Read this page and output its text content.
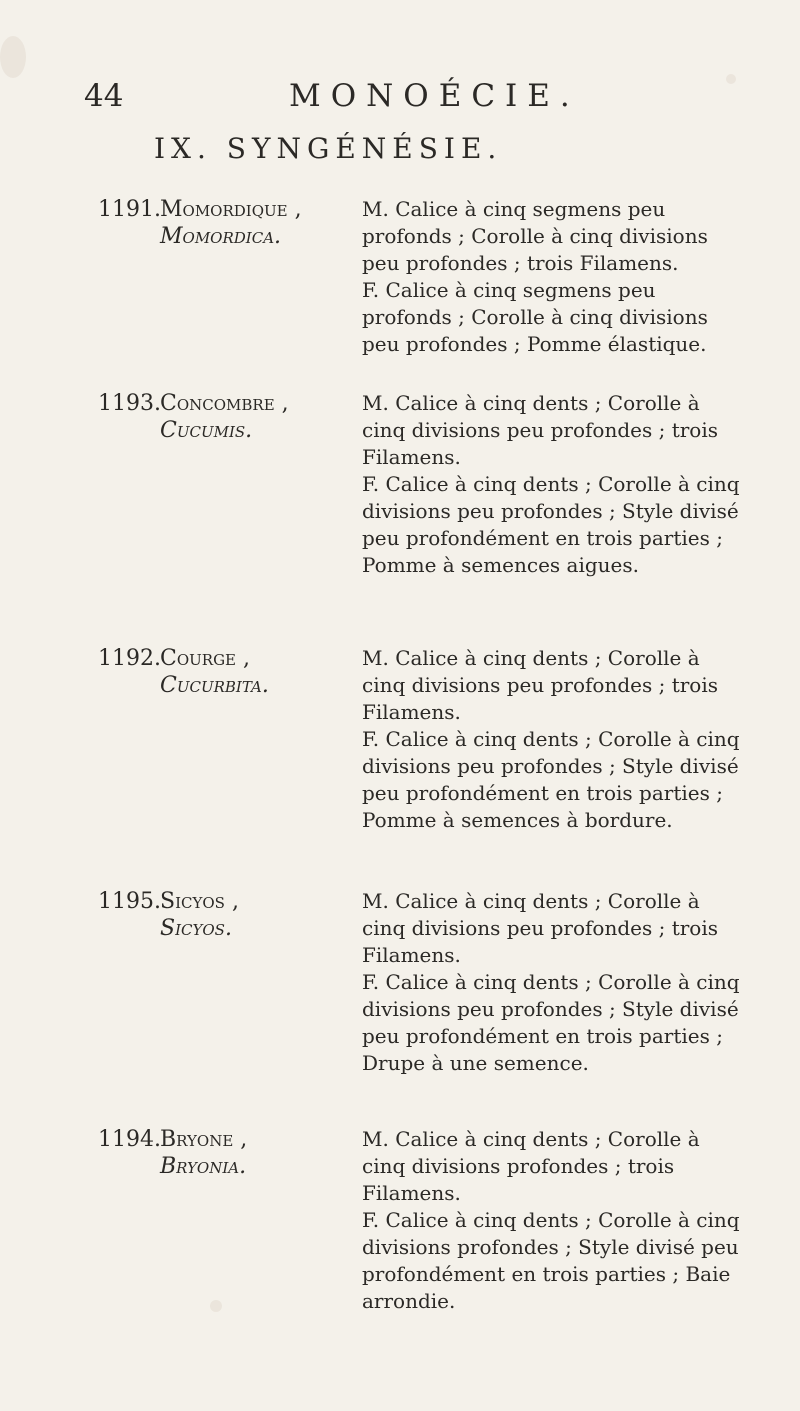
44	MONOÉCIE.
IX. SYNGÉNÉSIE.
1191.Momordique ,
Momordica.

M. Calice à cinq segmens peu profonds ; Corolle à cinq divisions peu profondes ; trois Filamens.

F. Calice à cinq segmens peu profonds ; Corolle à cinq divisions peu profondes ; Pomme élastique.

1193.Concombre ,
Cucumis.

M. Calice à cinq dents ; Corolle à cinq divisions peu profondes ; trois Filamens.

F. Calice à cinq dents ; Corolle à cinq divisions peu profondes ; Style divisé peu profondément en trois parties ; Pomme à semences aigues.

1192.Courge ,
Cucurbita.

M. Calice à cinq dents ; Corolle à cinq divisions peu profondes ; trois Filamens.

F. Calice à cinq dents ; Corolle à cinq divisions peu profondes ; Style divisé peu profondément en trois parties ; Pomme à semences à bordure.

1195.Sicyos ,
Sicyos.

M. Calice à cinq dents ; Corolle à cinq divisions peu profondes ; trois Filamens.

F. Calice à cinq dents ; Corolle à cinq divisions peu profondes ; Style divisé peu profondément en trois parties ; Drupe à une semence.

1194.Bryone ,
Bryonia.

M. Calice à cinq dents ; Corolle à cinq divisions profondes ; trois Filamens.

F. Calice à cinq dents ; Corolle à cinq divisions profondes ; Style divisé peu profondément en trois parties ; Baie arrondie.
